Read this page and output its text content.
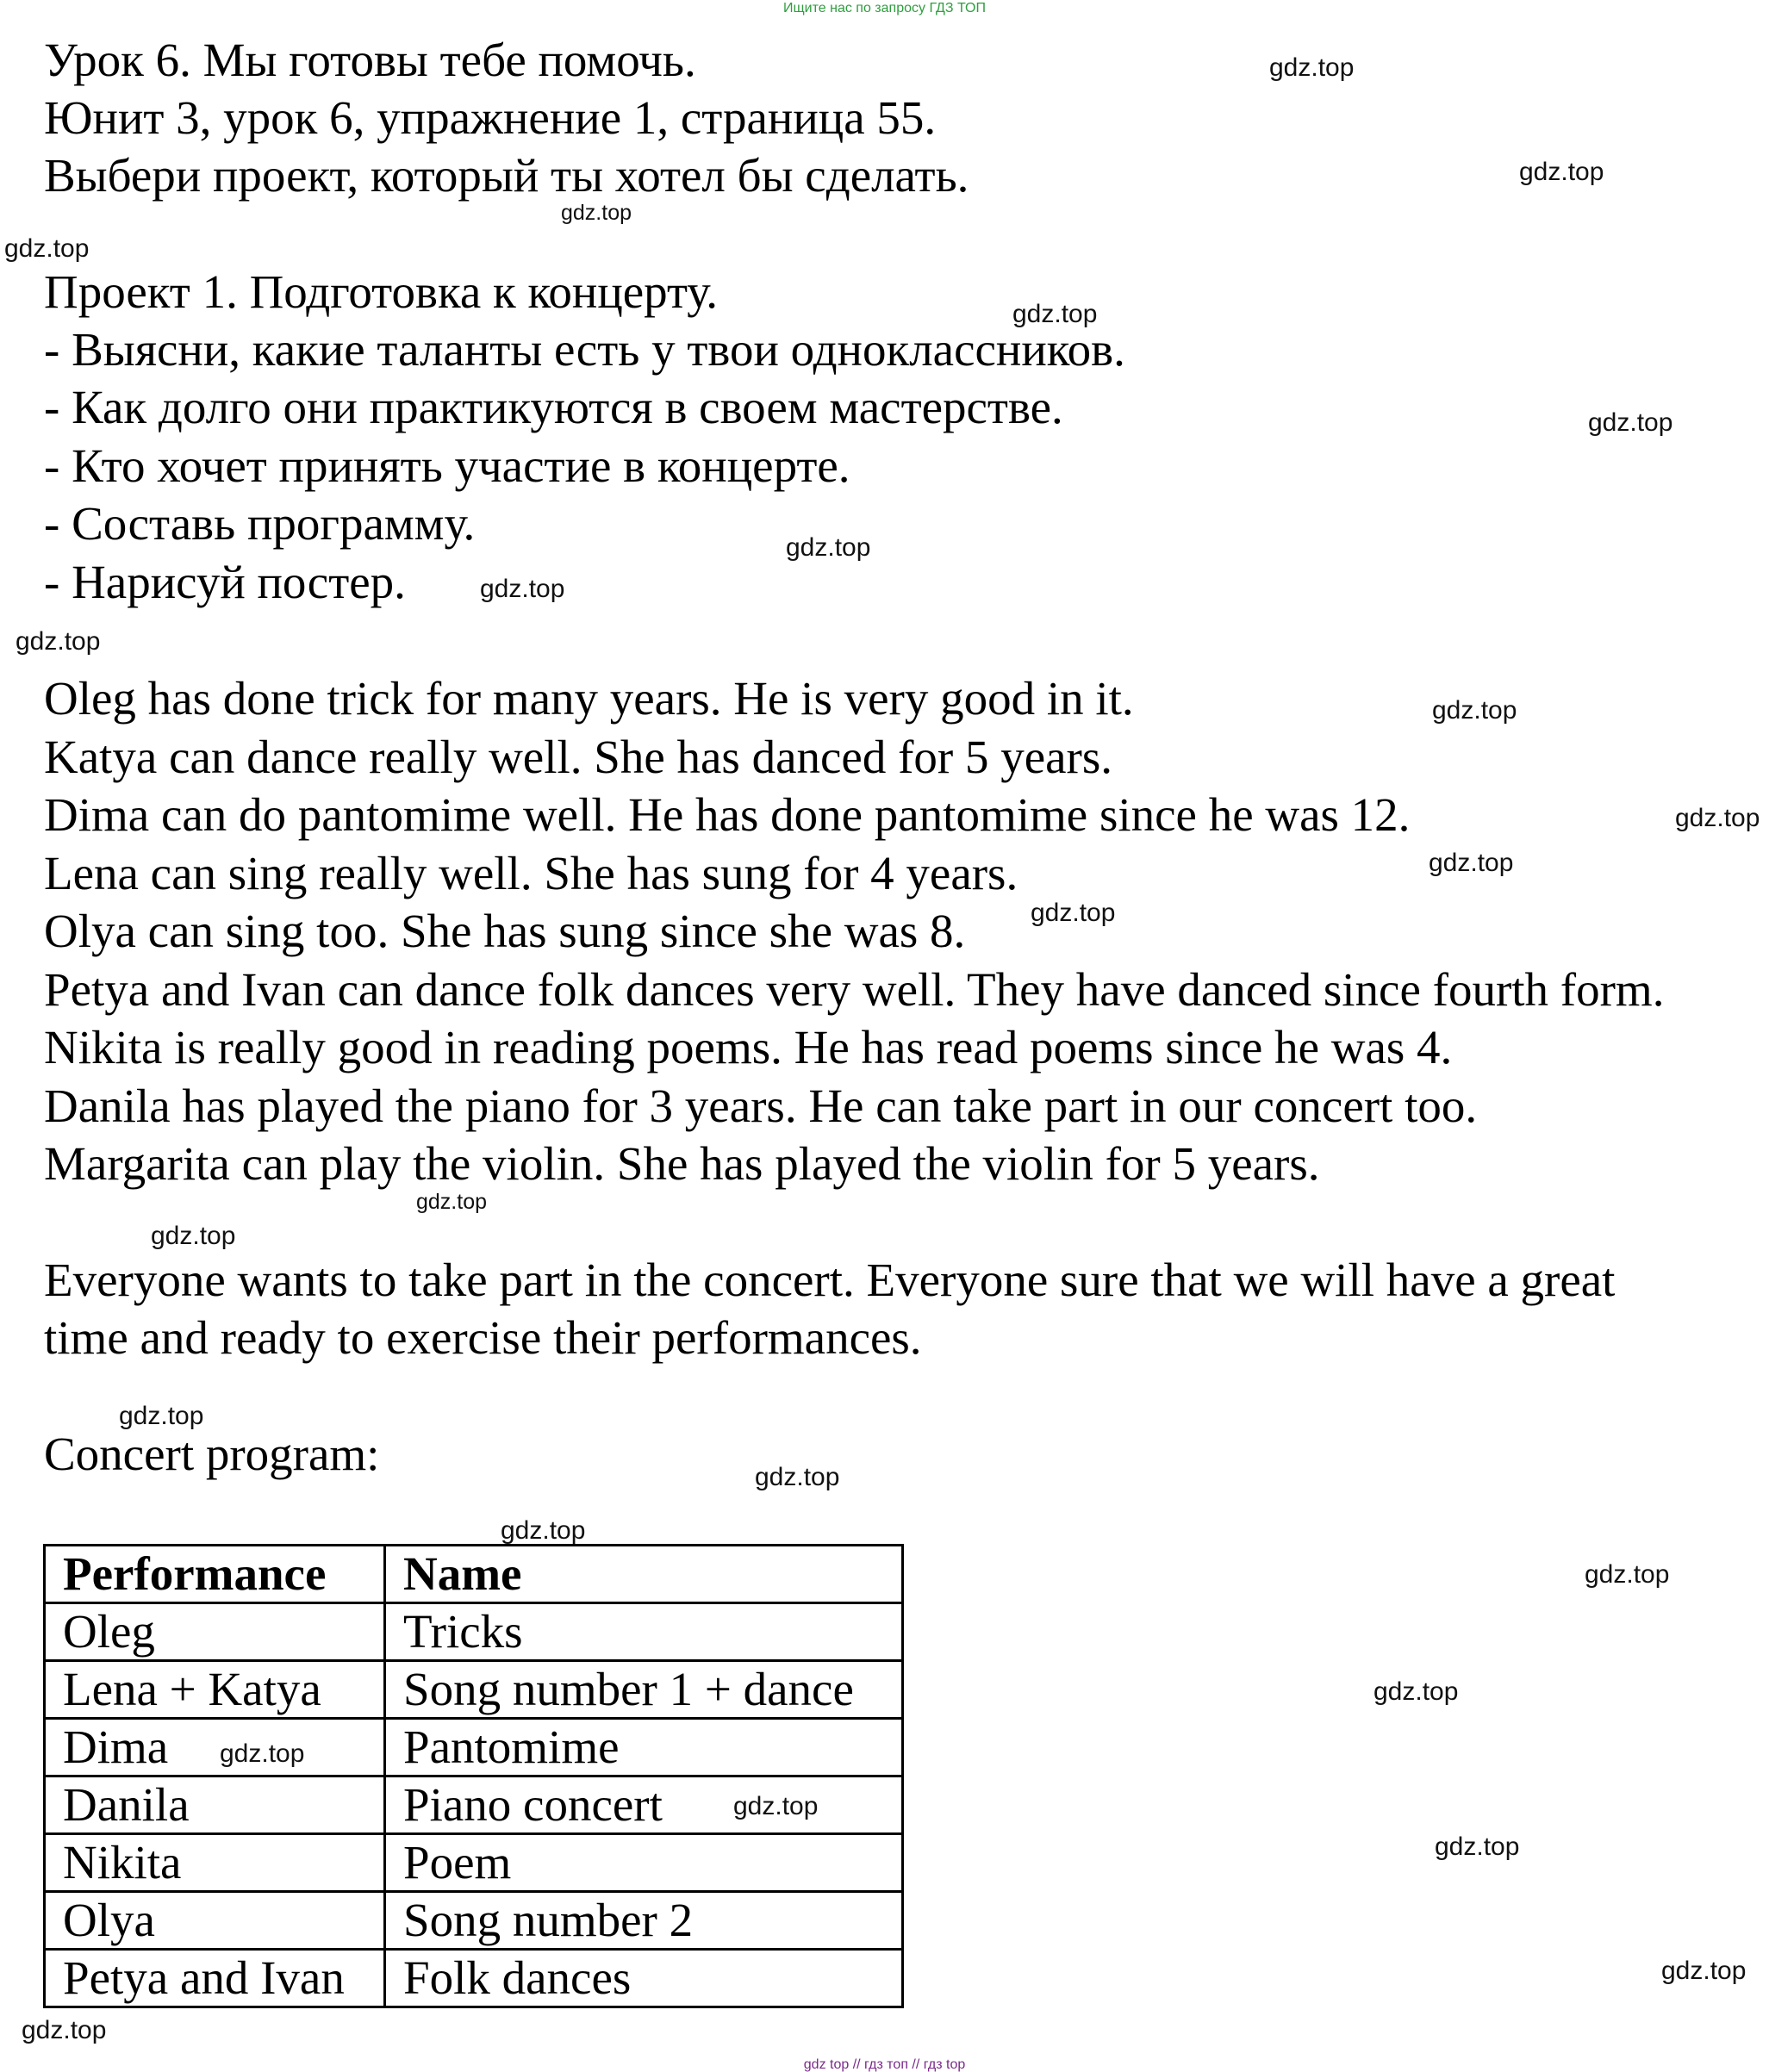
Ищите нас по запросу ГДЗ ТОП
Урок 6. Мы готовы тебе помочь.
Юнит 3, урок 6, упражнение 1, страница 55.
Выбери проект, который ты хотел бы сделать.
Проект 1. Подготовка к концерту.
- Выясни, какие таланты есть у твои одноклассников.
- Как долго они практикуются в своем мастерстве.
- Кто хочет принять участие в концерте.
- Составь программу.
- Нарисуй постер.
Oleg has done trick for many years. He is very good in it.
Katya can dance really well. She has danced for 5 years.
Dima can do pantomime well. He has done pantomime since he was 12.
Lena can sing really well. She has sung for 4 years.
Olya can sing too. She has sung since she was 8.
Petya and Ivan can dance folk dances very well. They have danced since fourth form.
Nikita is really good in reading poems. He has read poems since he was 4.
Danila has played the piano for 3 years. He can take part in our concert too.
Margarita can play the violin. She has played the violin for 5 years.
Everyone wants to take part in the concert. Everyone sure that we will have a great
time and ready to exercise their performances.
Concert program:
Performance	Name
Oleg	Tricks
Lena + Katya	Song number 1 + dance
Dima	Pantomime
Danila	Piano concert
Nikita	Poem
Olya	Song number 2
Petya and Ivan	Folk dances
gdz.top
gdz.top
gdz.top
gdz.top
gdz.top
gdz.top
gdz.top
gdz.top
gdz.top
gdz.top
gdz.top
gdz.top
gdz.top
gdz.top
gdz.top
gdz.top
gdz.top
gdz.top
gdz.top
gdz.top
gdz.top
gdz.top
gdz.top
gdz.top
gdz.top
gdz top // гдз топ // гдз top
